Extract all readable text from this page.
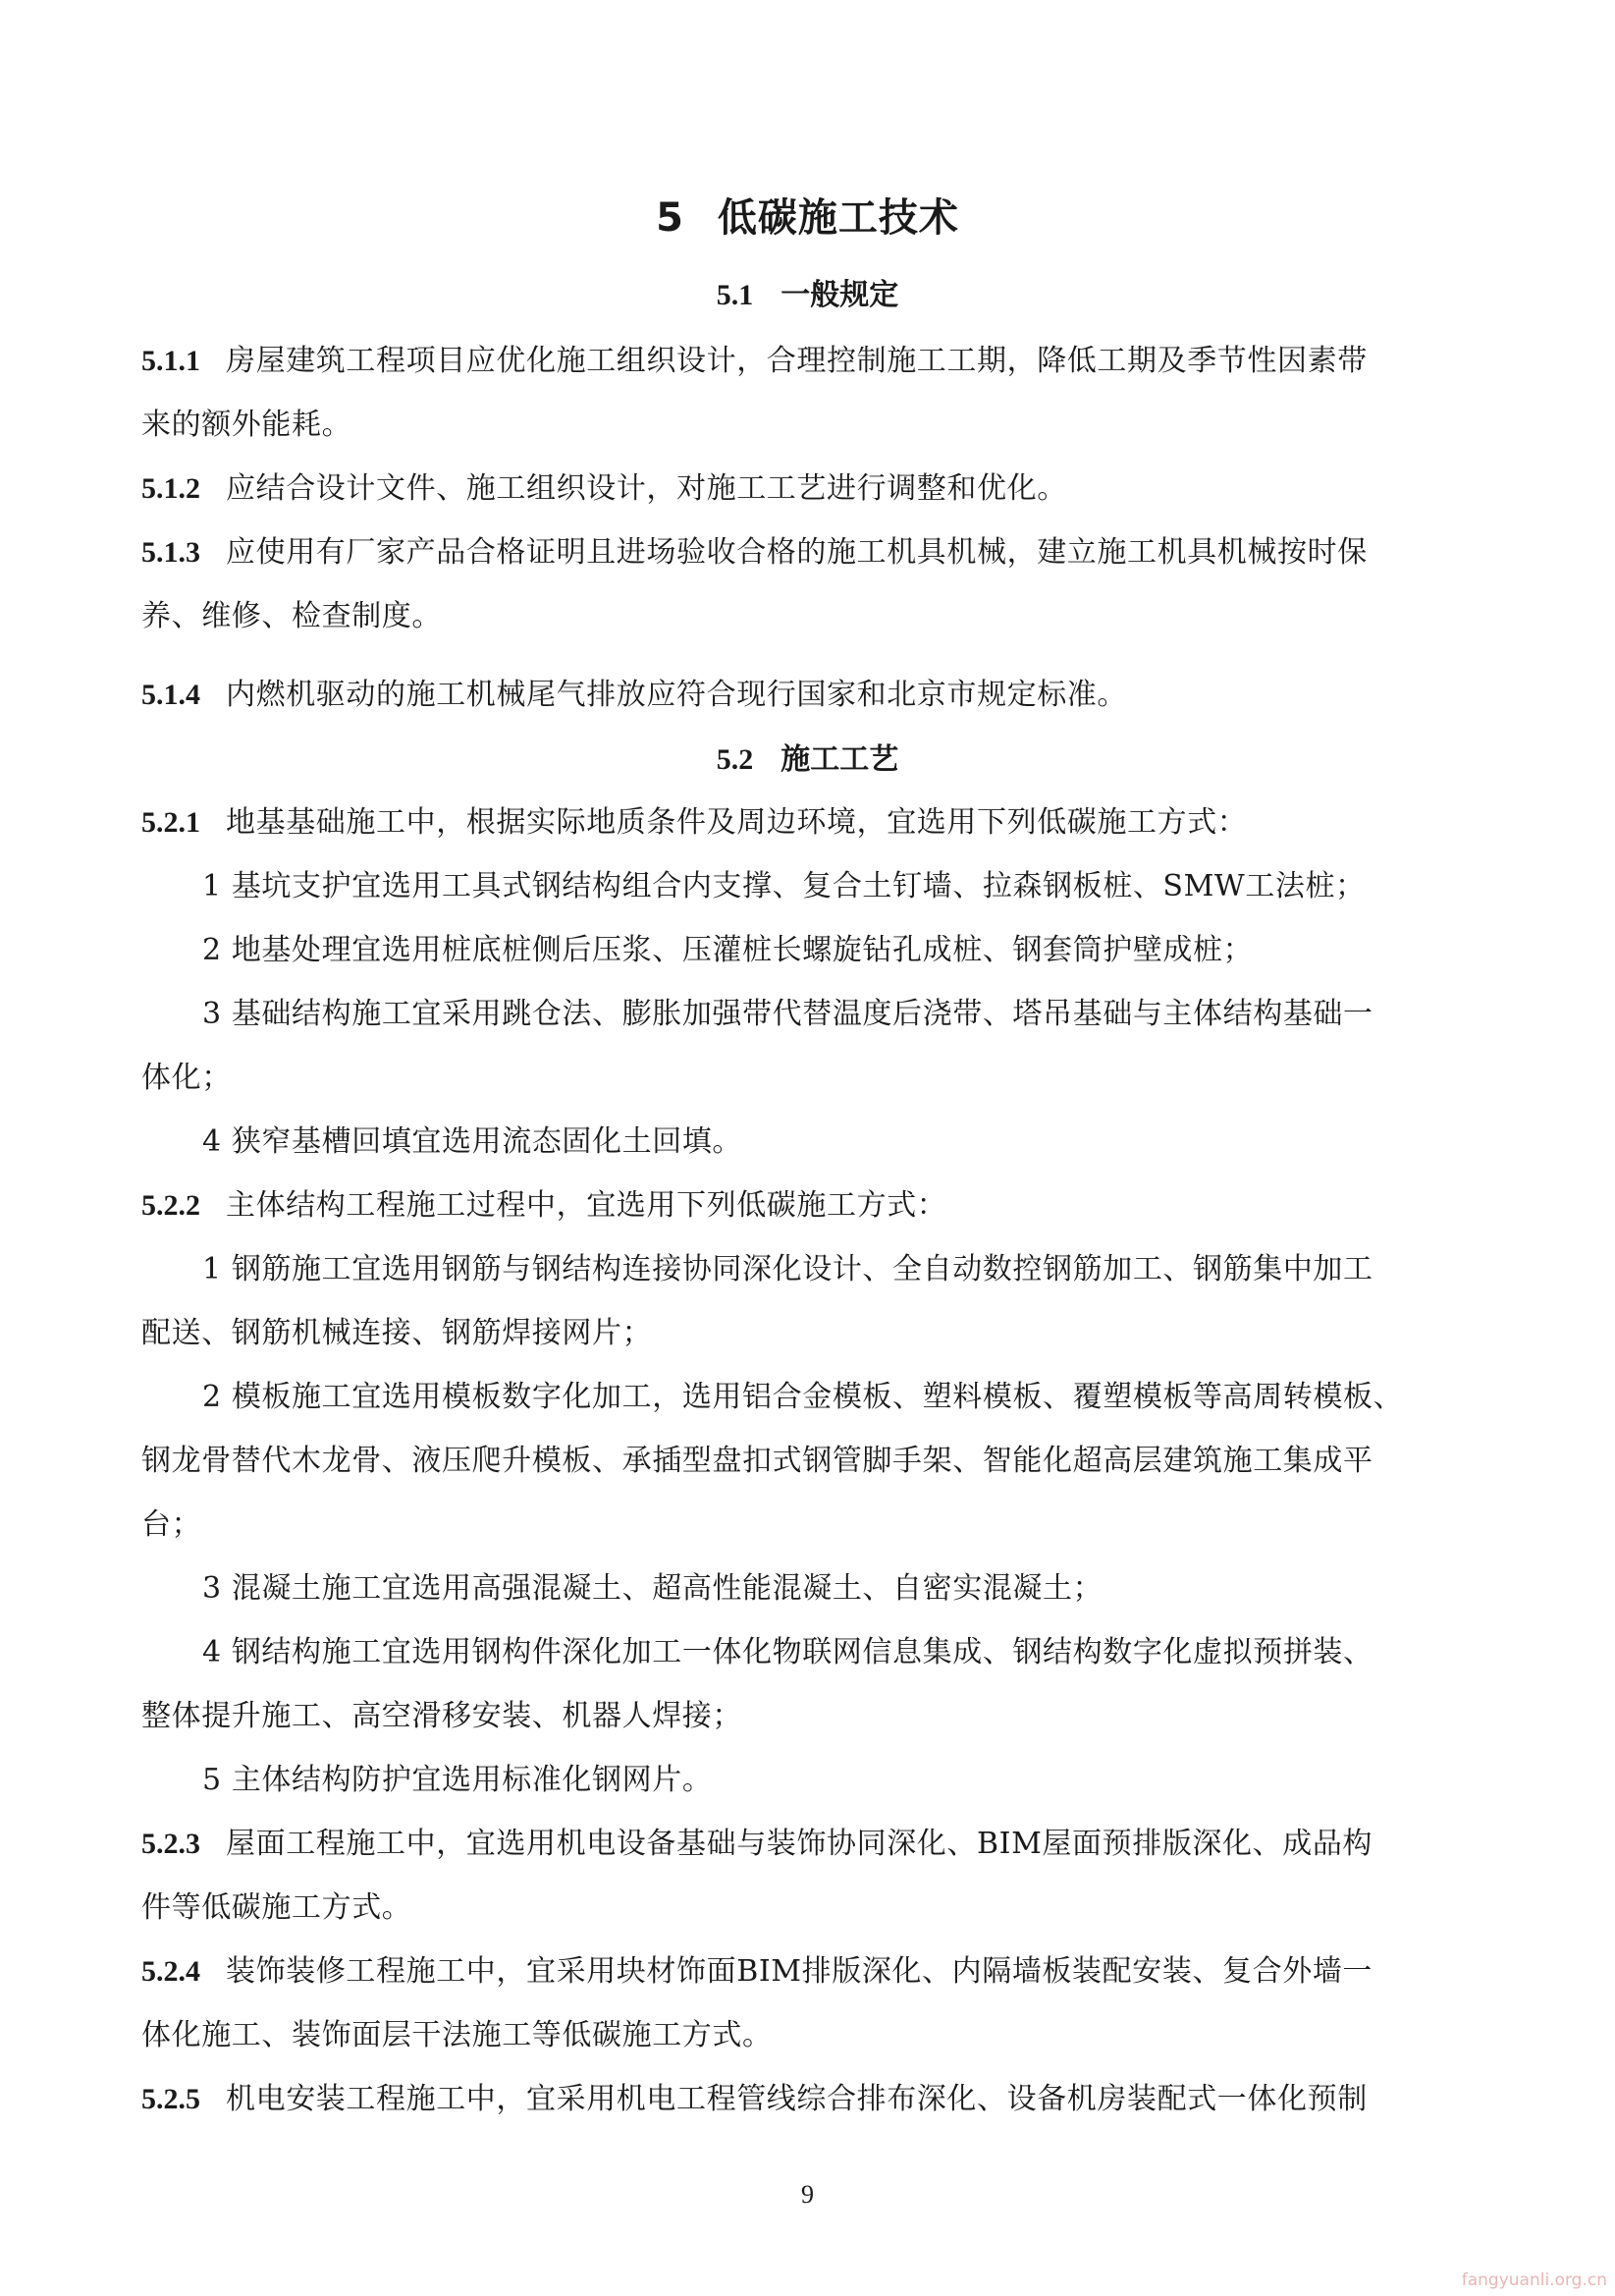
5 低碳施工技术
5.1 一般规定
5.1.1 房屋建筑工程项目应优化施工组织设计，合理控制施工工期，降低工期及季节性因素带
来的额外能耗。
5.1.2 应结合设计文件、施工组织设计，对施工工艺进行调整和优化。
5.1.3 应使用有厂家产品合格证明且进场验收合格的施工机具机械，建立施工机具机械按时保
养、维修、检查制度。
5.1.4 内燃机驱动的施工机械尾气排放应符合现行国家和北京市规定标准。
5.2 施工工艺
5.2.1 地基基础施工中，根据实际地质条件及周边环境，宜选用下列低碳施工方式：
1 基坑支护宜选用工具式钢结构组合内支撑、复合土钉墙、拉森钢板桩、SMW工法桩；
2 地基处理宜选用桩底桩侧后压浆、压灌桩长螺旋钻孔成桩、钢套筒护壁成桩；
3 基础结构施工宜采用跳仓法、膨胀加强带代替温度后浇带、塔吊基础与主体结构基础一
体化；
4 狭窄基槽回填宜选用流态固化土回填。
5.2.2 主体结构工程施工过程中，宜选用下列低碳施工方式：
1 钢筋施工宜选用钢筋与钢结构连接协同深化设计、全自动数控钢筋加工、钢筋集中加工
配送、钢筋机械连接、钢筋焊接网片；
2 模板施工宜选用模板数字化加工，选用铝合金模板、塑料模板、覆塑模板等高周转模板、
钢龙骨替代木龙骨、液压爬升模板、承插型盘扣式钢管脚手架、智能化超高层建筑施工集成平
台；
3 混凝土施工宜选用高强混凝土、超高性能混凝土、自密实混凝土；
4 钢结构施工宜选用钢构件深化加工一体化物联网信息集成、钢结构数字化虚拟预拼装、
整体提升施工、高空滑移安装、机器人焊接；
5 主体结构防护宜选用标准化钢网片。
5.2.3 屋面工程施工中，宜选用机电设备基础与装饰协同深化、BIM屋面预排版深化、成品构
件等低碳施工方式。
5.2.4 装饰装修工程施工中，宜采用块材饰面BIM排版深化、内隔墙板装配安装、复合外墙一
体化施工、装饰面层干法施工等低碳施工方式。
5.2.5 机电安装工程施工中，宜采用机电工程管线综合排布深化、设备机房装配式一体化预制
9
fangyuanli.org.cn
